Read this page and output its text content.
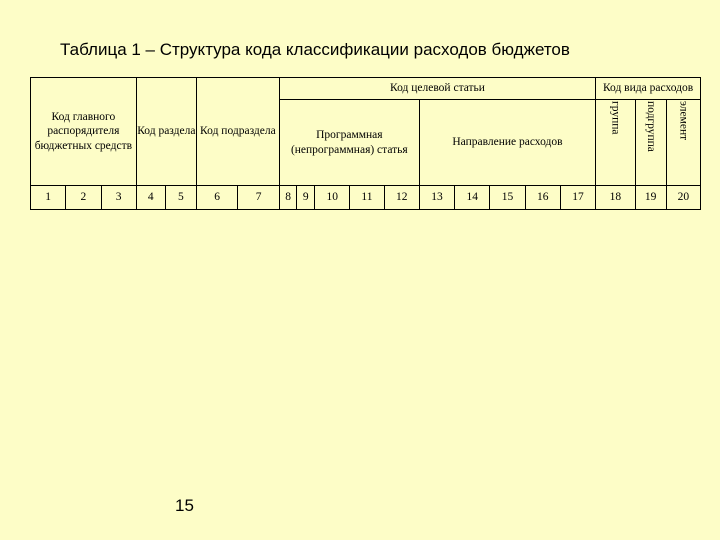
Таблица 1 – Структура кода классификации расходов бюджетов
Код главного распорядителя бюджетных средств			Код раздела		Код подраздела		Код целевой статьи										Код вида расходов		
							Программная (непрограммная) статья					Направление расходов					группа	подгруппа	элемент
1	2	3	4	5	6	7	8	9	10	11	12	13	14	15	16	17	18	19	20
15
